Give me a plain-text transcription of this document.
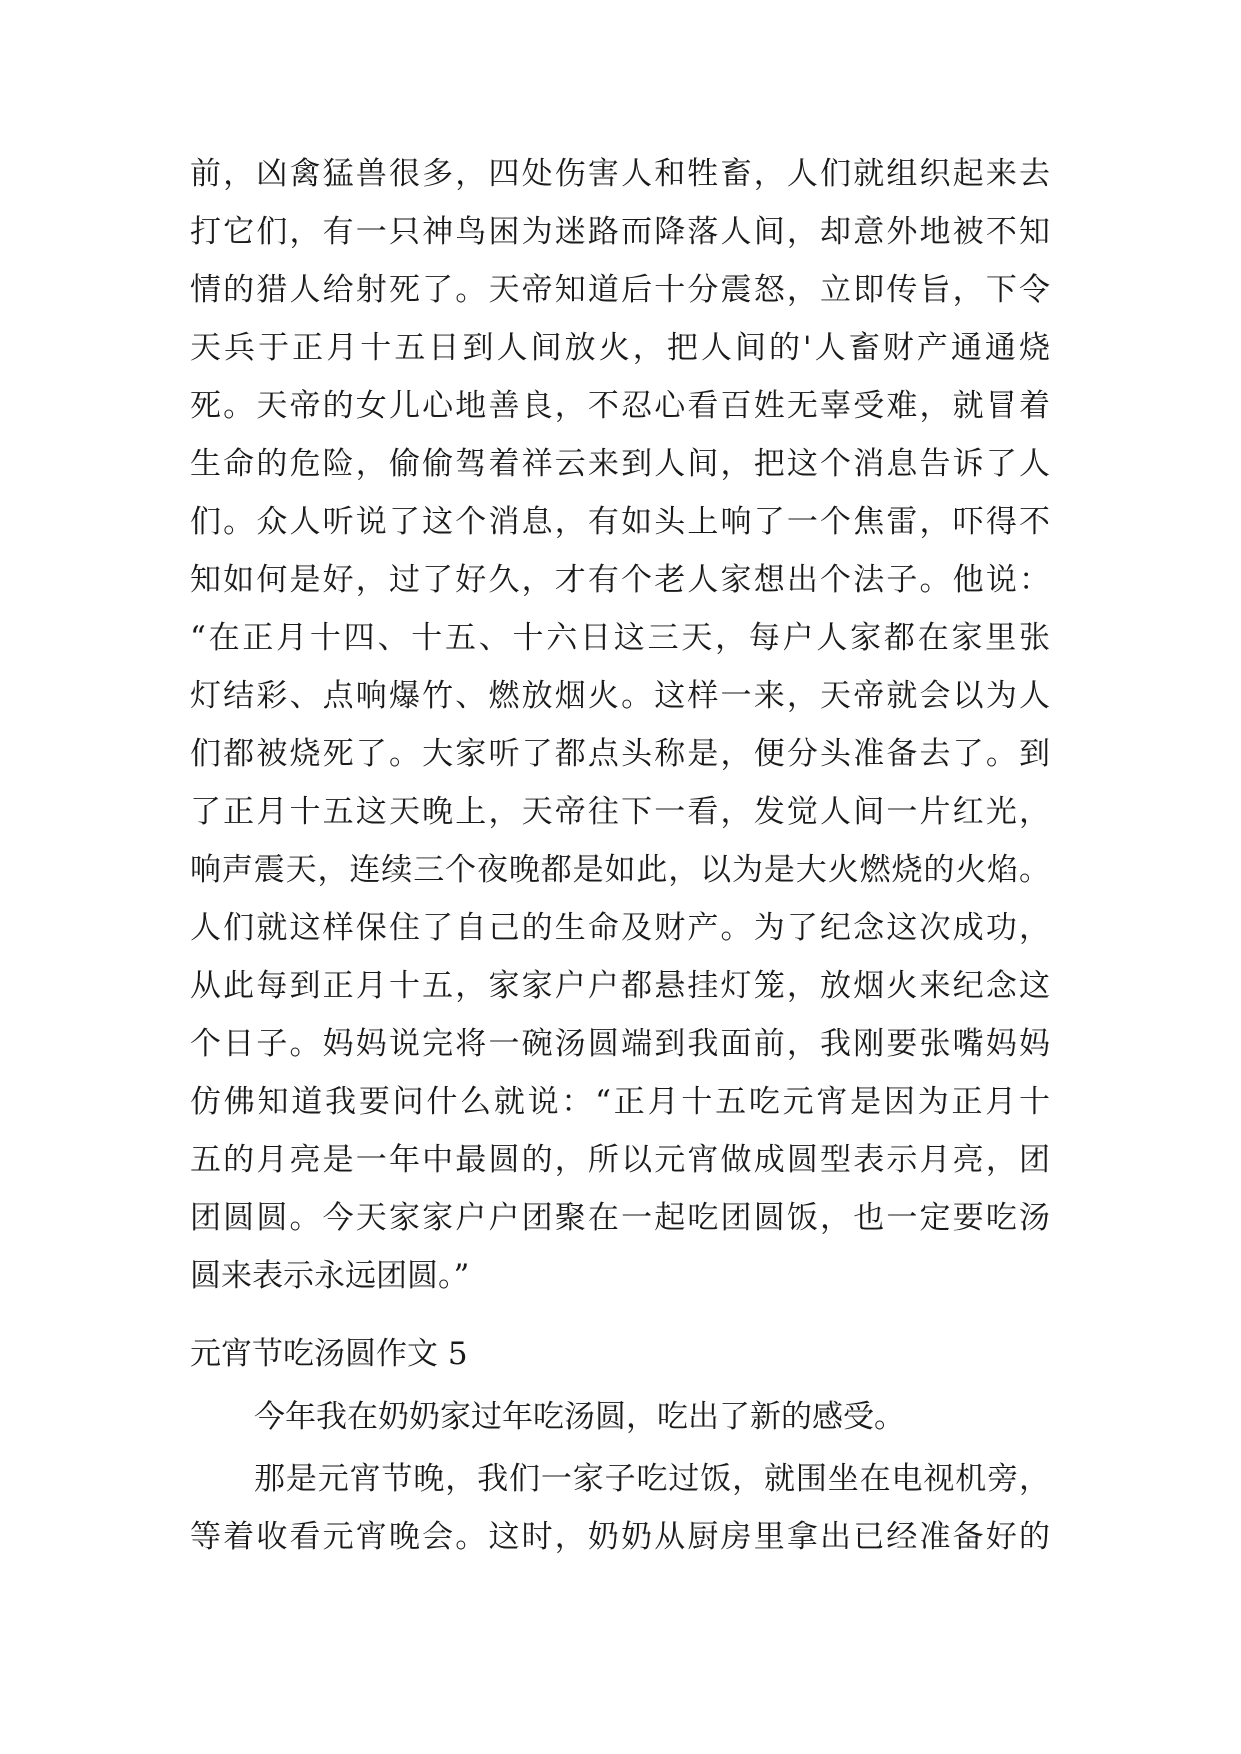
前，凶禽猛兽很多，四处伤害人和牲畜，人们就组织起来去
打它们，有一只神鸟困为迷路而降落人间，却意外地被不知
情的猎人给射死了。天帝知道后十分震怒，立即传旨，下令
天兵于正月十五日到人间放火，把人间的'人畜财产通通烧
死。天帝的女儿心地善良，不忍心看百姓无辜受难，就冒着
生命的危险，偷偷驾着祥云来到人间，把这个消息告诉了人
们。众人听说了这个消息，有如头上响了一个焦雷，吓得不
知如何是好，过了好久，才有个老人家想出个法子。他说：
“在正月十四、十五、十六日这三天，每户人家都在家里张
灯结彩、点响爆竹、燃放烟火。这样一来，天帝就会以为人
们都被烧死了。大家听了都点头称是，便分头准备去了。到
了正月十五这天晚上，天帝往下一看，发觉人间一片红光，
响声震天，连续三个夜晚都是如此，以为是大火燃烧的火焰。
人们就这样保住了自己的生命及财产。为了纪念这次成功，
从此每到正月十五，家家户户都悬挂灯笼，放烟火来纪念这
个日子。妈妈说完将一碗汤圆端到我面前，我刚要张嘴妈妈
仿佛知道我要问什么就说：“正月十五吃元宵是因为正月十
五的月亮是一年中最圆的，所以元宵做成圆型表示月亮，团
团圆圆。今天家家户户团聚在一起吃团圆饭，也一定要吃汤
圆来表示永远团圆。”
元宵节吃汤圆作文 5
今年我在奶奶家过年吃汤圆，吃出了新的感受。
那是元宵节晚，我们一家子吃过饭，就围坐在电视机旁，
等着收看元宵晚会。这时，奶奶从厨房里拿出已经准备好的
